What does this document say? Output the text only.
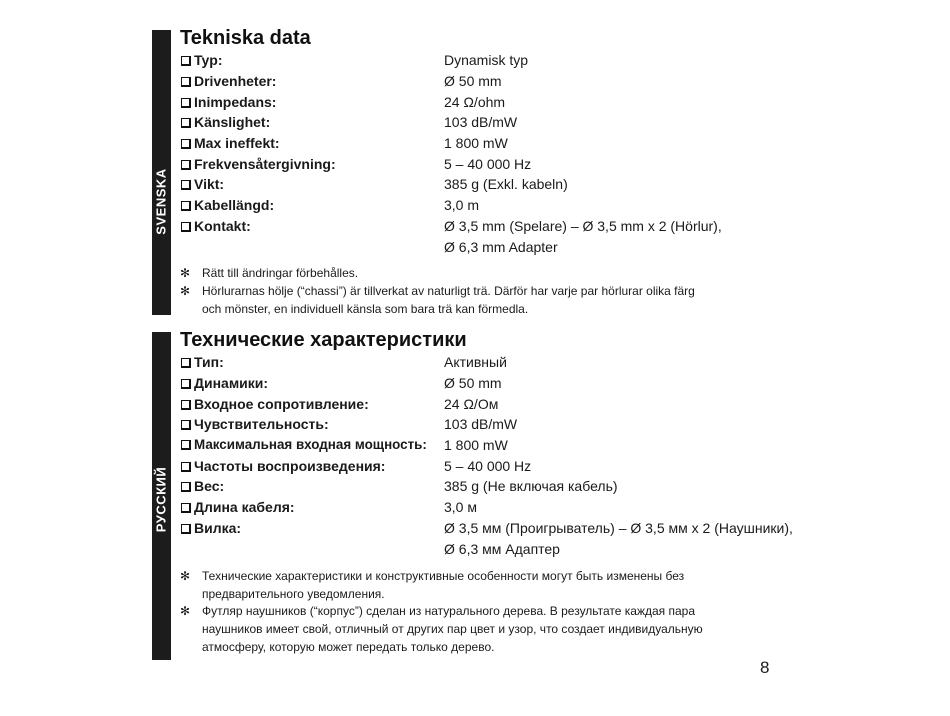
SVENSKA
Tekniska data
Typ:	Dynamisk typ
Drivenheter:	Ø 50 mm
Inimpedans:	24 Ω/ohm
Känslighet:	103 dB/mW
Max ineffekt:	1 800 mW
Frekvensåtergivning:	5 – 40 000 Hz
Vikt:	385 g (Exkl. kabeln)
Kabellängd:	3,0 m
Kontakt:	Ø 3,5 mm (Spelare) – Ø 3,5 mm x 2 (Hörlur),
Ø 6,3 mm Adapter
✻ Rätt till ändringar förbehålles.
✻ Hörlurarnas hölje (“chassi”) är tillverkat av naturligt trä. Därför har varje par hörlurar olika färg
och mönster, en individuell känsla som bara trä kan förmedla.
РУССКИЙ
Технические характеристики
Тип:	Активный
Динамики:	Ø 50 mm
Входное сопротивление:	24 Ω/Ом
Чувствительность:	103 dB/mW
Максимальная входная мощность: 1 800 mW
Частоты воспроизведения:	5 – 40 000 Hz
Вес:	385 g (Не включая кабель)
Длина кабеля:	3,0 м
Вилка:	Ø 3,5 мм (Проигрыватель) – Ø 3,5 мм x 2 (Наушники),
Ø 6,3 мм Адаптер
✻ Технические характеристики и конструктивные особенности могут быть изменены без
предварительного уведомления.
✻ Футляр наушников (“корпус”) сделан из натурального дерева. В результате каждая пара
наушников имеет свой, отличный от других пар цвет и узор, что создает индивидуальную
атмосферу, которую может передать только дерево.
8
